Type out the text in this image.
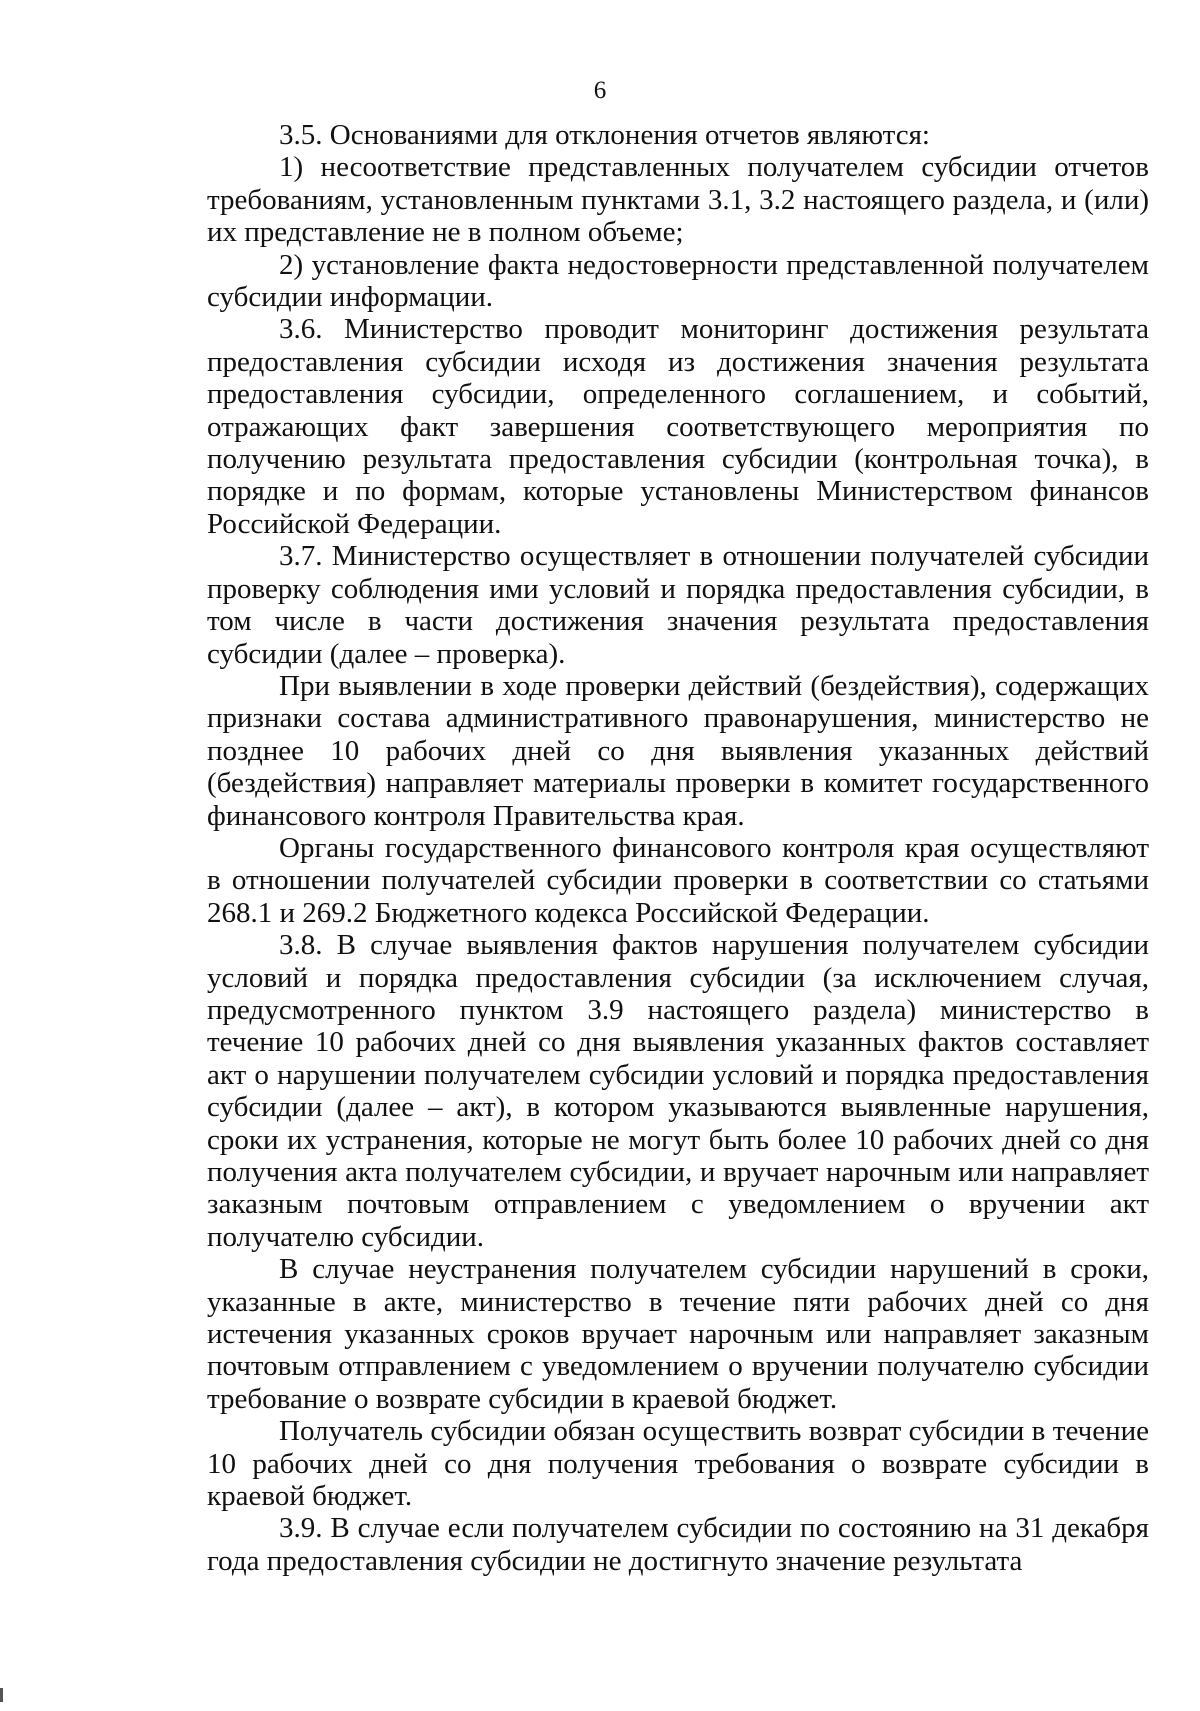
6

3.5. Основаниями для отклонения отчетов являются:

1) несоответствие представленных получателем субсидии отчетов требованиям, установленным пунктами 3.1, 3.2 настоящего раздела, и (или) их представление не в полном объеме;

2) установление факта недостоверности представленной получателем субсидии информации.

3.6. Министерство проводит мониторинг достижения результата предоставления субсидии исходя из достижения значения результата предоставления субсидии, определенного соглашением, и событий, отражающих факт завершения соответствующего мероприятия по получению результата предоставления субсидии (контрольная точка), в порядке и по формам, которые установлены Министерством финансов Российской Федерации.

3.7. Министерство осуществляет в отношении получателей субсидии проверку соблюдения ими условий и порядка предоставления субсидии, в том числе в части достижения значения результата предоставления субсидии (далее – проверка).

При выявлении в ходе проверки действий (бездействия), содержащих признаки состава административного правонарушения, министерство не позднее 10 рабочих дней со дня выявления указанных действий (бездействия) направляет материалы проверки в комитет государственного финансового контроля Правительства края.

Органы государственного финансового контроля края осуществляют в отношении получателей субсидии проверки в соответствии со статьями 268.1 и 269.2 Бюджетного кодекса Российской Федерации.

3.8. В случае выявления фактов нарушения получателем субсидии условий и порядка предоставления субсидии (за исключением случая, предусмотренного пунктом 3.9 настоящего раздела) министерство в течение 10 рабочих дней со дня выявления указанных фактов составляет акт о нарушении получателем субсидии условий и порядка предоставления субсидии (далее – акт), в котором указываются выявленные нарушения, сроки их устранения, которые не могут быть более 10 рабочих дней со дня получения акта получателем субсидии, и вручает нарочным или направляет заказным почтовым отправлением с уведомлением о вручении акт получателю субсидии.

В случае неустранения получателем субсидии нарушений в сроки, указанные в акте, министерство в течение пяти рабочих дней со дня истечения указанных сроков вручает нарочным или направляет заказным почтовым отправлением с уведомлением о вручении получателю субсидии требование о возврате субсидии в краевой бюджет.

Получатель субсидии обязан осуществить возврат субсидии в течение 10 рабочих дней со дня получения требования о возврате субсидии в краевой бюджет.

3.9. В случае если получателем субсидии по состоянию на 31 декабря года предоставления субсидии не достигнуто значение результата
